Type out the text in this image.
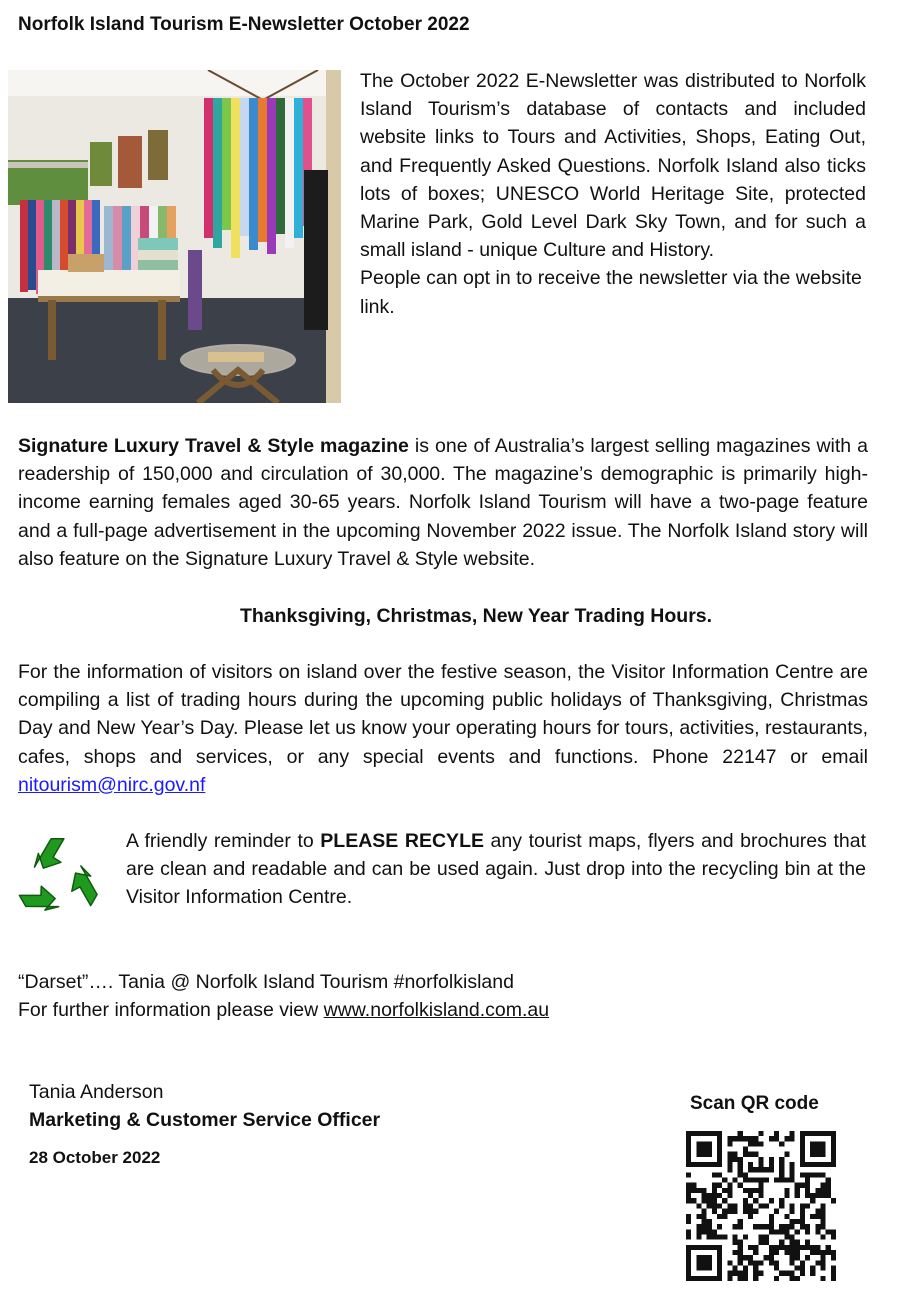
Norfolk Island Tourism E-Newsletter October 2022

The October 2022 E-Newsletter was distributed to Norfolk Island Tourism’s database of contacts and included website links to Tours and Activities, Shops, Eating Out, and Frequently Asked Questions. Norfolk Island also ticks lots of boxes; UNESCO World Heritage Site, protected Marine Park, Gold Level Dark Sky Town, and for such a small island - unique Culture and History.

People can opt in to receive the newsletter via the website link.

Signature Luxury Travel & Style magazine is one of Australia’s largest selling magazines with a readership of 150,000 and circulation of 30,000. The magazine’s demographic is primarily high-income earning females aged 30-65 years. Norfolk Island Tourism will have a two-page feature and a full-page advertisement in the upcoming November 2022 issue. The Norfolk Island story will also feature on the Signature Luxury Travel & Style website.

Thanksgiving, Christmas, New Year Trading Hours.

For the information of visitors on island over the festive season, the Visitor Information Centre are compiling a list of trading hours during the upcoming public holidays of Thanksgiving, Christmas Day and New Year’s Day. Please let us know your operating hours for tours, activities, restaurants, cafes, shops and services, or any special events and functions. Phone 22147 or email nitourism@nirc.gov.nf

A friendly reminder to PLEASE RECYLE any tourist maps, flyers and brochures that are clean and readable and can be used again. Just drop into the recycling bin at the Visitor Information Centre.

“Darset”…. Tania @ Norfolk Island Tourism #norfolkisland

For further information please view www.norfolkisland.com.au

Tania Anderson
Marketing & Customer Service Officer
28 October 2022
Scan QR code
